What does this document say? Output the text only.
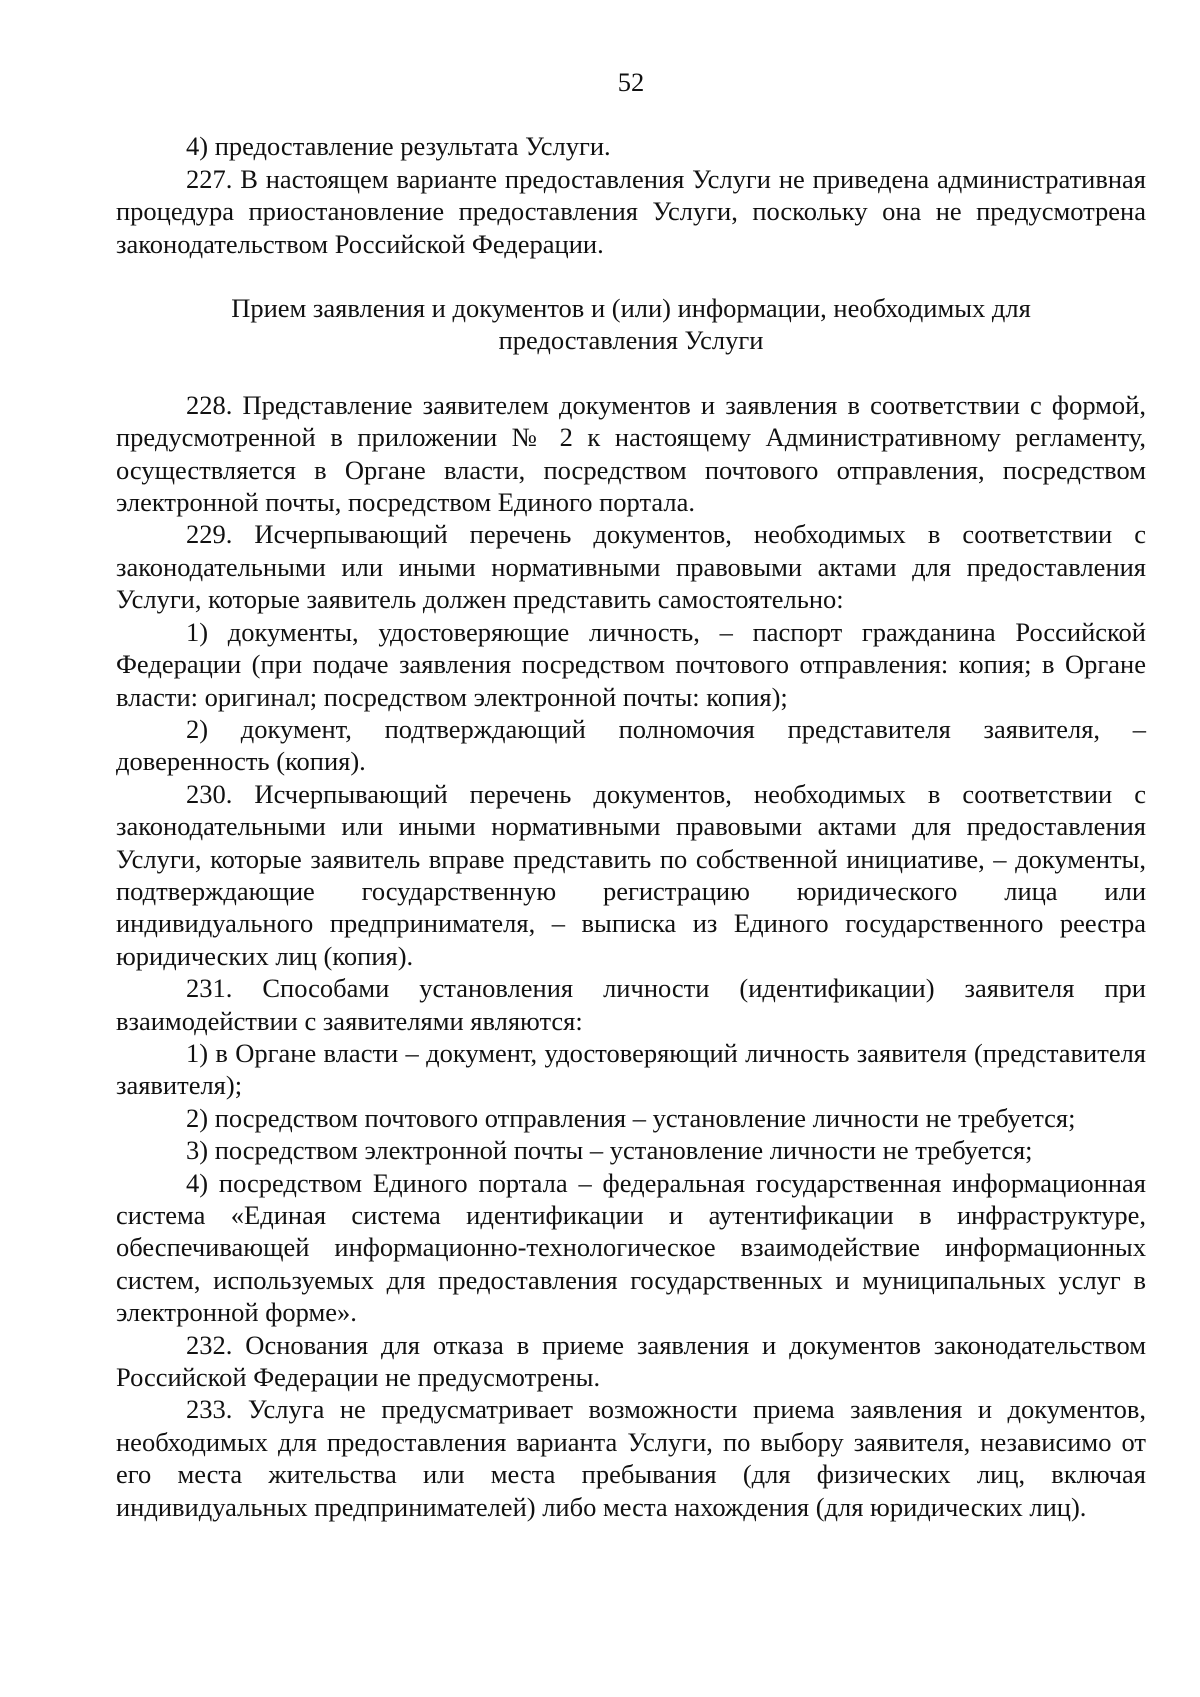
52

4) предоставление результата Услуги.

227. В настоящем варианте предоставления Услуги не приведена административная процедура приостановление предоставления Услуги, поскольку она не предусмотрена законодательством Российской Федерации.

Прием заявления и документов и (или) информации, необходимых для предоставления Услуги

228. Представление заявителем документов и заявления в соответствии с формой, предусмотренной в приложении № 2 к настоящему Административному регламенту, осуществляется в Органе власти, посредством почтового отправления, посредством электронной почты, посредством Единого портала.

229. Исчерпывающий перечень документов, необходимых в соответствии с законодательными или иными нормативными правовыми актами для предоставления Услуги, которые заявитель должен представить самостоятельно:

1) документы, удостоверяющие личность, – паспорт гражданина Российской Федерации (при подаче заявления посредством почтового отправления: копия; в Органе власти: оригинал; посредством электронной почты: копия);

2) документ, подтверждающий полномочия представителя заявителя, – доверенность (копия).

230. Исчерпывающий перечень документов, необходимых в соответствии с законодательными или иными нормативными правовыми актами для предоставления Услуги, которые заявитель вправе представить по собственной инициативе, – документы, подтверждающие государственную регистрацию юридического лица или индивидуального предпринимателя, – выписка из Единого государственного реестра юридических лиц (копия).

231. Способами установления личности (идентификации) заявителя при взаимодействии с заявителями являются:

1) в Органе власти – документ, удостоверяющий личность заявителя (представителя заявителя);

2) посредством почтового отправления – установление личности не требуется;

3) посредством электронной почты – установление личности не требуется;

4) посредством Единого портала – федеральная государственная информационная система «Единая система идентификации и аутентификации в инфраструктуре, обеспечивающей информационно-технологическое взаимодействие информационных систем, используемых для предоставления государственных и муниципальных услуг в электронной форме».

232. Основания для отказа в приеме заявления и документов законодательством Российской Федерации не предусмотрены.

233. Услуга не предусматривает возможности приема заявления и документов, необходимых для предоставления варианта Услуги, по выбору заявителя, независимо от его места жительства или места пребывания (для физических лиц, включая индивидуальных предпринимателей) либо места нахождения (для юридических лиц).
